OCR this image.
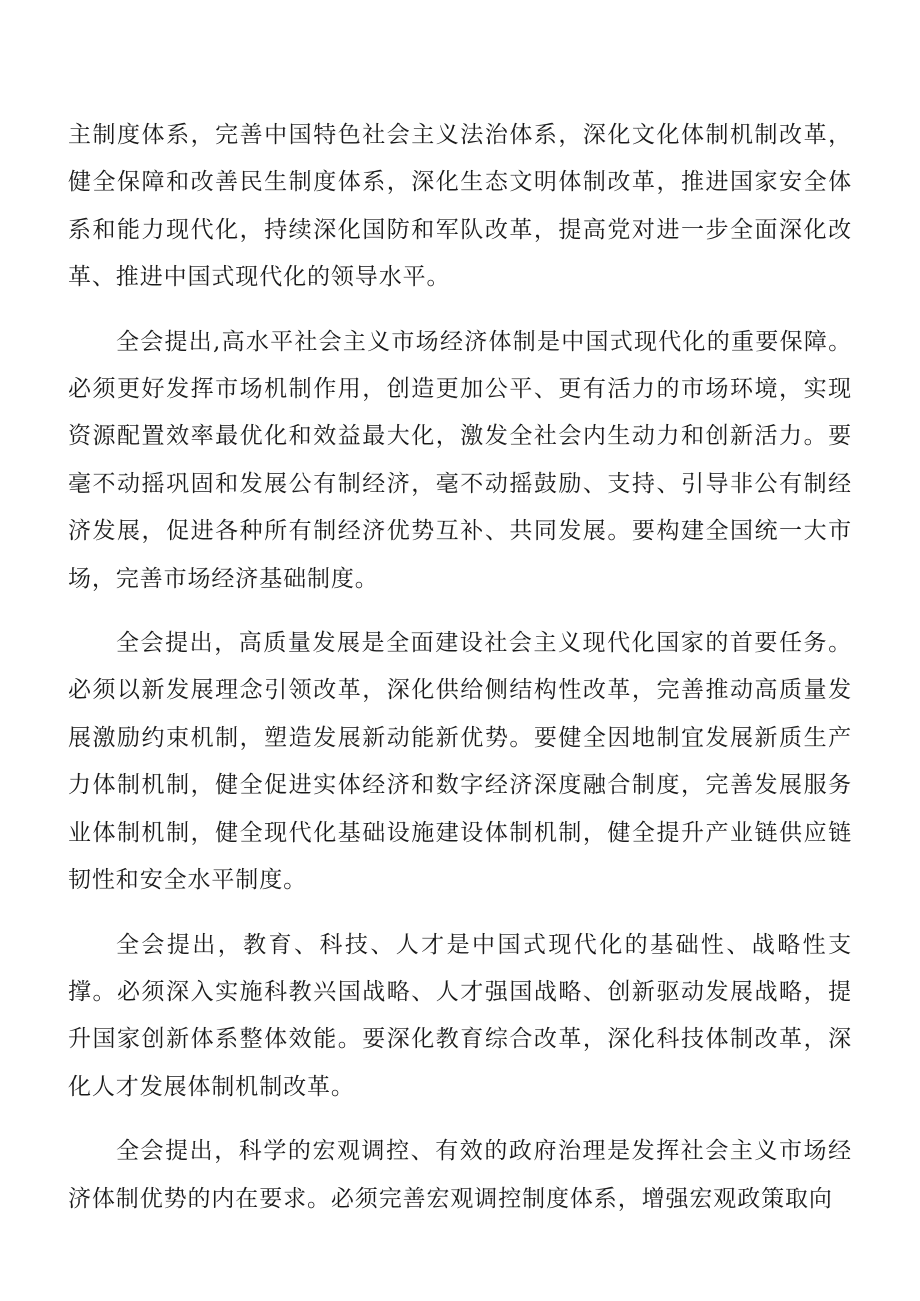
主制度体系，完善中国特色社会主义法治体系，深化文化体制机制改革，健全保障和改善民生制度体系，深化生态文明体制改革，推进国家安全体系和能力现代化，持续深化国防和军队改革，提高党对进一步全面深化改革、推进中国式现代化的领导水平。

全会提出,高水平社会主义市场经济体制是中国式现代化的重要保障。必须更好发挥市场机制作用，创造更加公平、更有活力的市场环境，实现资源配置效率最优化和效益最大化，激发全社会内生动力和创新活力。要毫不动摇巩固和发展公有制经济，毫不动摇鼓励、支持、引导非公有制经济发展，促进各种所有制经济优势互补、共同发展。要构建全国统一大市场，完善市场经济基础制度。

全会提出，高质量发展是全面建设社会主义现代化国家的首要任务。必须以新发展理念引领改革，深化供给侧结构性改革，完善推动高质量发展激励约束机制，塑造发展新动能新优势。要健全因地制宜发展新质生产力体制机制，健全促进实体经济和数字经济深度融合制度，完善发展服务业体制机制，健全现代化基础设施建设体制机制，健全提升产业链供应链韧性和安全水平制度。

全会提出，教育、科技、人才是中国式现代化的基础性、战略性支撑。必须深入实施科教兴国战略、人才强国战略、创新驱动发展战略，提升国家创新体系整体效能。要深化教育综合改革，深化科技体制改革，深化人才发展体制机制改革。

全会提出，科学的宏观调控、有效的政府治理是发挥社会主义市场经济体制优势的内在要求。必须完善宏观调控制度体系，增强宏观政策取向
